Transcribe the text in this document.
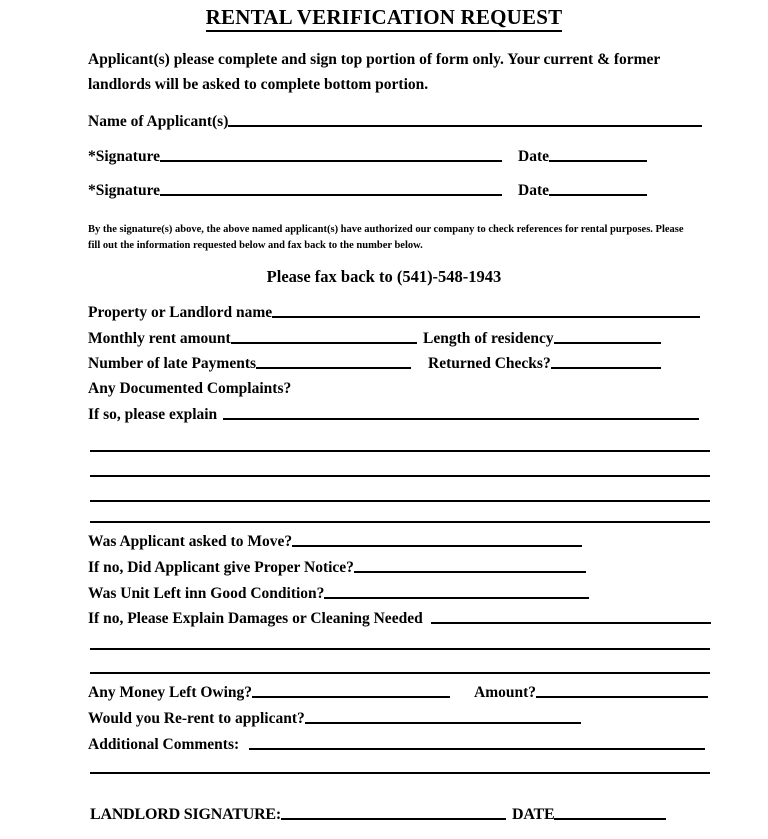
RENTAL VERIFICATION REQUEST
Applicant(s) please complete and sign top portion of form only. Your current & former landlords will be asked to complete bottom portion.
Name of Applicant(s)
*Signature	Date
*Signature	Date
By the signature(s) above, the above named applicant(s) have authorized our company to check references for rental purposes. Please fill out the information requested below and fax back to the number below.
Please fax back to (541)-548-1943
Property or Landlord name
Monthly rent amount	Length of residency
Number of late Payments	Returned Checks?
Any Documented Complaints?
If so, please explain
Was Applicant asked to Move?
If no, Did Applicant give Proper Notice?
Was Unit Left inn Good Condition?
If no, Please Explain Damages or Cleaning Needed
Any Money Left Owing?	Amount?
Would you Re-rent to applicant?
Additional Comments:
LANDLORD SIGNATURE:	DATE
